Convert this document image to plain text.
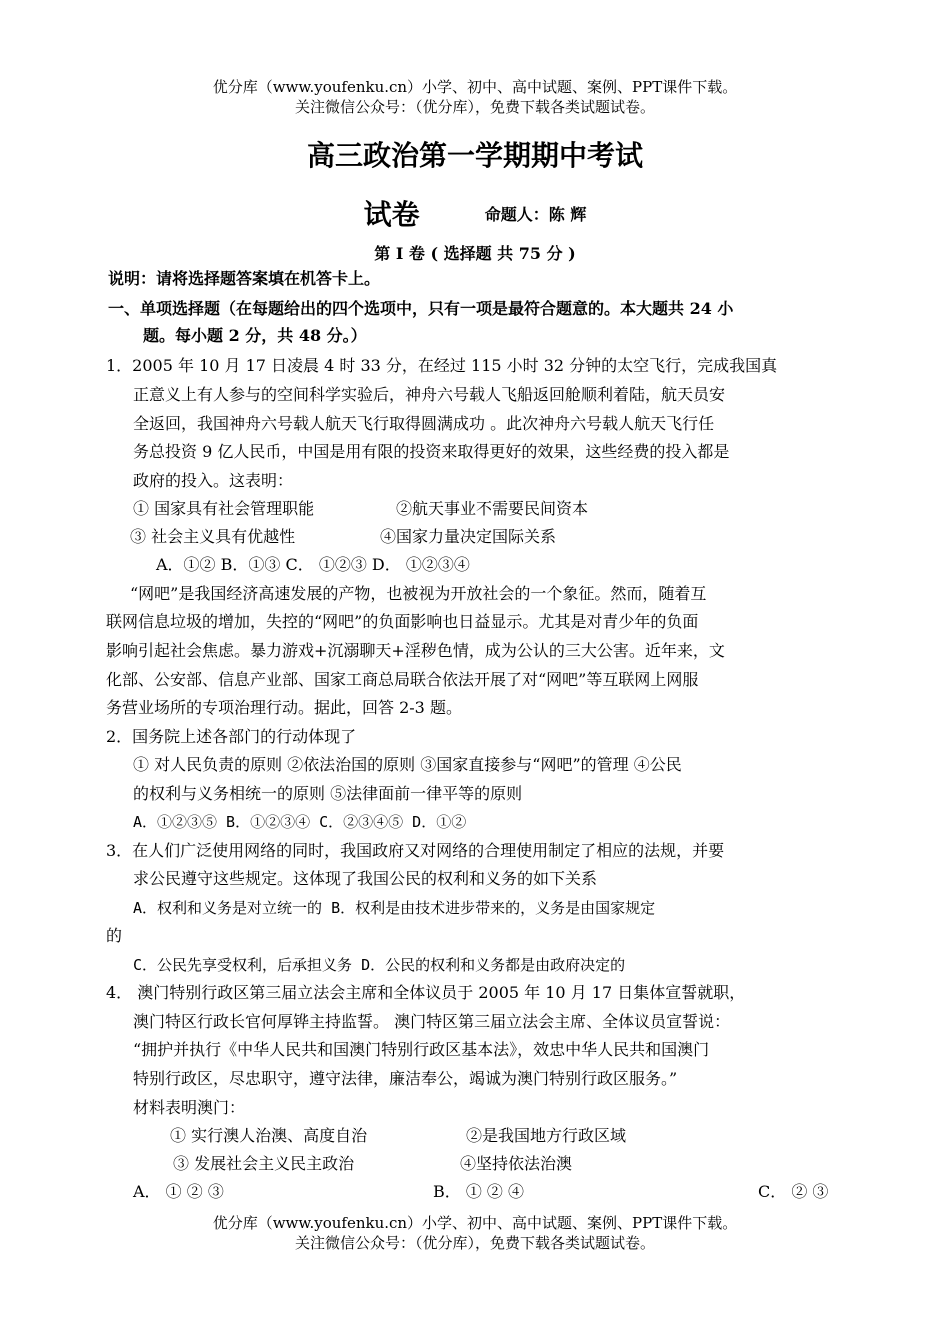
优分库（www.youfenku.cn）小学、初中、高中试题、案例、PPT课件下载。
关注微信公众号：（优分库），免费下载各类试题试卷。
高三政治第一学期期中考试
试卷	命题人：陈 辉
第 I 卷 ( 选择题 共 75 分 )
说明：请将选择题答案填在机答卡上。
一、单项选择题（在每题给出的四个选项中，只有一项是最符合题意的。本大题共 24 小
题。每小题 2 分，共 48 分。）
1．2005 年 10 月 17 日凌晨 4 时 33 分，在经过 115 小时 32 分钟的太空飞行，完成我国真
正意义上有人参与的空间科学实验后，神舟六号载人飞船返回舱顺利着陆，航天员安
全返回，我国神舟六号载人航天飞行取得圆满成功 。此次神舟六号载人航天飞行任
务总投资 9 亿人民币，中国是用有限的投资来取得更好的效果，这些经费的投入都是
政府的投入。这表明：
① 国家具有社会管理职能	②航天事业不需要民间资本
③ 社会主义具有优越性	④国家力量决定国际关系
A．①② B．①③ C． ①②③ D． ①②③④
“网吧”是我国经济高速发展的产物，也被视为开放社会的一个象征。然而，随着互
联网信息垃圾的增加，失控的“网吧”的负面影响也日益显示。尤其是对青少年的负面
影响引起社会焦虑。暴力游戏+沉溺聊天+淫秽色情，成为公认的三大公害。近年来，文
化部、公安部、信息产业部、国家工商总局联合依法开展了对“网吧”等互联网上网服
务营业场所的专项治理行动。据此，回答 2-3 题。
2．国务院上述各部门的行动体现了
① 对人民负责的原则 ②依法治国的原则 ③国家直接参与“网吧”的管理 ④公民
的权利与义务相统一的原则 ⑤法律面前一律平等的原则
A．①②③⑤ B．①②③④ C．②③④⑤ D．①②
3．在人们广泛使用网络的同时，我国政府又对网络的合理使用制定了相应的法规，并要
求公民遵守这些规定。这体现了我国公民的权利和义务的如下关系
A．权利和义务是对立统一的 B．权利是由技术进步带来的，义务是由国家规定
的
C．公民先享受权利，后承担义务 D．公民的权利和义务都是由政府决定的
4． 澳门特别行政区第三届立法会主席和全体议员于 2005 年 10 月 17 日集体宣誓就职，
澳门特区行政长官何厚铧主持监誓。 澳门特区第三届立法会主席、全体议员宣誓说：
“拥护并执行《中华人民共和国澳门特别行政区基本法》，效忠中华人民共和国澳门
特别行政区，尽忠职守，遵守法律，廉洁奉公，竭诚为澳门特别行政区服务。”
材料表明澳门：
① 实行澳人治澳、高度自治	②是我国地方行政区域
③ 发展社会主义民主政治	④坚持依法治澳
A． ① ② ③	B． ① ② ④	C． ② ③
优分库（www.youfenku.cn）小学、初中、高中试题、案例、PPT课件下载。
关注微信公众号：（优分库），免费下载各类试题试卷。
